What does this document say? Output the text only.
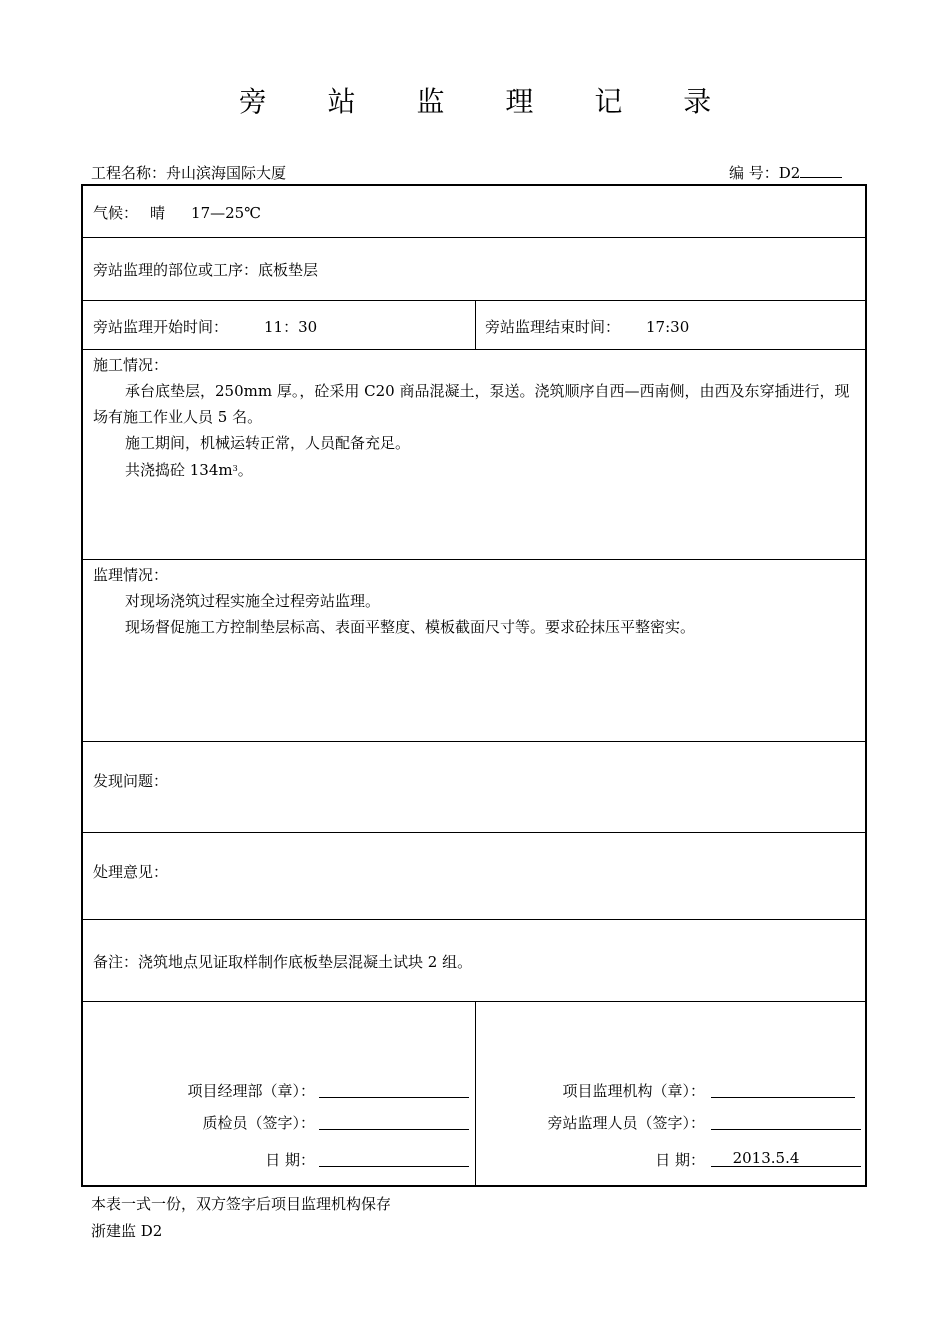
旁 站 监 理 记 录
工程名称：舟山滨海国际大厦	编 号：D2
气候： 晴 17—25℃
旁站监理的部位或工序：底板垫层
旁站监理开始时间： 11：30	旁站监理结束时间： 17:30

施工情况：

承台底垫层，250mm 厚。，砼采用 C20 商品混凝土，泵送。浇筑顺序自西—西南侧，由西及东穿插进行，现场有施工作业人员 5 名。

施工期间，机械运转正常，人员配备充足。

共浇捣砼 $134m^3$。

监理情况：

对现场浇筑过程实施全过程旁站监理。

现场督促施工方控制垫层标高、表面平整度、模板截面尺寸等。要求砼抹压平整密实。

发现问题：
处理意见：
备注：浇筑地点见证取样制作底板垫层混凝土试块 2 组。
项目经理部（章）：
质检员（签字）：
日 期：
项目监理机构（章）：
旁站监理人员（签字）：
日 期：	2013.5.4
本表一式一份，双方签字后项目监理机构保存
浙建监 D2
